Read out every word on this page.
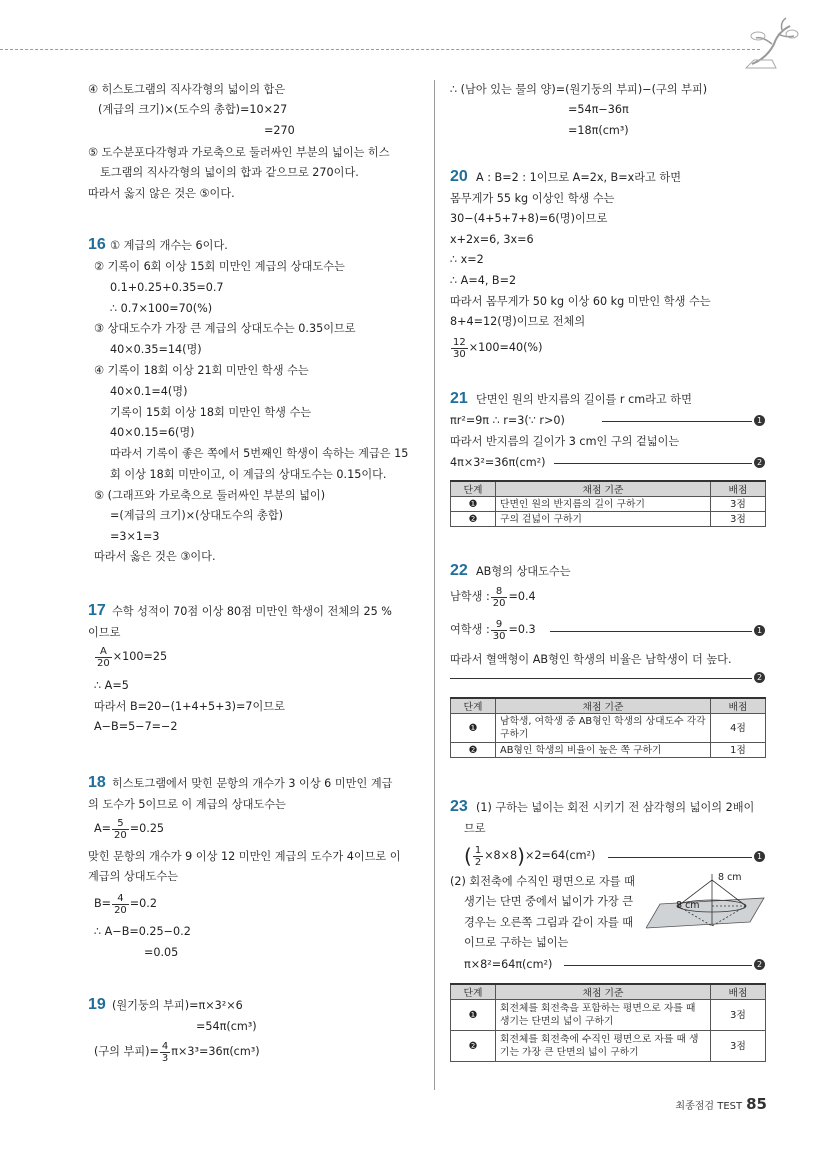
④ 히스토그램의 직사각형의 넓이의 합은
(계급의 크기)×(도수의 총합)=10×27
=270
⑤ 도수분포다각형과 가로축으로 둘러싸인 부분의 넓이는 히스
토그램의 직사각형의 넓이의 합과 같으므로 270이다.
따라서 옳지 않은 것은 ⑤이다.
16 ① 계급의 개수는 6이다.
② 기록이 6회 이상 15회 미만인 계급의 상대도수는
0.1+0.25+0.35=0.7
∴ 0.7×100=70(%)
③ 상대도수가 가장 큰 계급의 상대도수는 0.35이므로
40×0.35=14(명)
④ 기록이 18회 이상 21회 미만인 학생 수는
40×0.1=4(명)
기록이 15회 이상 18회 미만인 학생 수는
40×0.15=6(명)
따라서 기록이 좋은 쪽에서 5번째인 학생이 속하는 계급은 15
회 이상 18회 미만이고, 이 계급의 상대도수는 0.15이다.
⑤ (그래프와 가로축으로 둘러싸인 부분의 넓이)
=(계급의 크기)×(상대도수의 총합)
=3×1=3
따라서 옳은 것은 ③이다.
17 수학 성적이 70점 이상 80점 미만인 학생이 전체의 25 %
이므로
$\frac{A}{20} \times 100=25$
∴ A=5
따라서 B=20−(1+4+5+3)=7이므로
A−B=5−7=−2
18 히스토그램에서 맞힌 문항의 개수가 3 이상 6 미만인 계급
의 도수가 5이므로 이 계급의 상대도수는
$A= \frac{5}{20} =0.25$
맞힌 문항의 개수가 9 이상 12 미만인 계급의 도수가 4이므로 이
계급의 상대도수는
$B= \frac{4}{20} =0.2$
∴ A−B=0.25−0.2
=0.05
19 (원기둥의 부피)=π×3²×6
=54π(cm³)
(구의 부피)= $\frac{4}{3} \pi\times 3^3=36\pi(cm^3)$
∴ (남아 있는 물의 양)=(원기둥의 부피)−(구의 부피)
=54π−36π
=18π(cm³)
20 A : B=2 : 1이므로 A=2x, B=x라고 하면
몸무게가 55 kg 이상인 학생 수는
30−(4+5+7+8)=6(명)이므로
x+2x=6, 3x=6
∴ x=2
∴ A=4, B=2
따라서 몸무게가 50 kg 이상 60 kg 미만인 학생 수는
8+4=12(명)이므로 전체의
$\frac{12}{30} \times 100=40(\%)$
21 단면인 원의 반지름의 길이를 r cm라고 하면
πr²=9π ∴ r=3(∵ r>0)	1
따라서 반지름의 길이가 3 cm인 구의 겉넓이는
4π×3²=36π(cm²)	2
단계	채점 기준	배점
❶	단면인 원의 반지름의 길이 구하기	3점
❷	구의 겉넓이 구하기	3점
22 AB형의 상대도수는
남학생 : $\frac{8}{20} =0.4$
여학생 : $\frac{9}{30} =0.3$	1
따라서 혈액형이 AB형인 학생의 비율은 남학생이 더 높다.
2
단계	채점 기준	배점
❶	남학생, 여학생 중 AB형인 학생의 상대도수 각각 구하기	4점
❷	AB형인 학생의 비율이 높은 쪽 구하기	1점
23 (1) 구하는 넓이는 회전 시키기 전 삼각형의 넓이의 2배이
므로
( $\frac{1}{2} \times 8\times 8)\times 2=64(cm^2)$	1
(2) 회전축에 수직인 평면으로 자를 때
생기는 단면 중에서 넓이가 가장 큰
경우는 오른쪽 그림과 같이 자를 때
이므로 구하는 넓이는
π×8²=64π(cm²)	2
8 cm
8 cm
단계	채점 기준	배점
❶	회전체를 회전축을 포함하는 평면으로 자를 때 생기는 단면의 넓이 구하기	3점
❷	회전체를 회전축에 수직인 평면으로 자를 때 생기는 가장 큰 단면의 넓이 구하기	3점
최종점검 TEST 85
